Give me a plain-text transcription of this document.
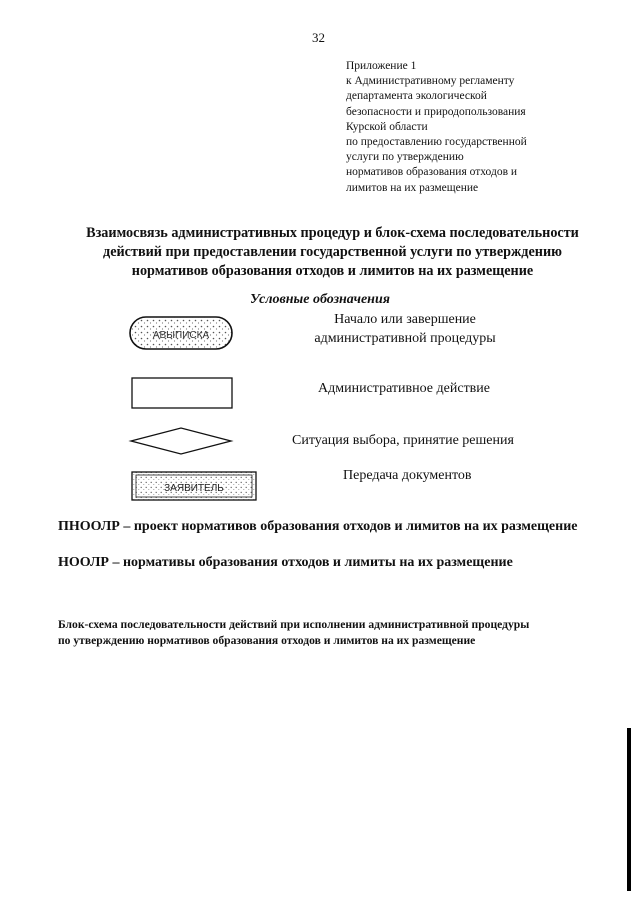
32
Приложение 1
к Административному регламенту
департамента экологической
безопасности и природопользования
Курской области
по предоставлению государственной
услуги по утверждению
нормативов образования отходов и
лимитов на их размещение
Взаимосвязь административных процедур и блок-схема последовательности
действий при предоставлении государственной услуги по утверждению
нормативов образования отходов и лимитов на их размещение
Условные обозначения
АВЫПИСКА
Начало или завершение
административной процедуры
Административное действие
Ситуация выбора, принятие решения
ЗАЯВИТЕЛЬ
Передача документов
ПНООЛР – проект нормативов образования отходов и лимитов на их размещение
НООЛР – нормативы образования отходов и лимиты на их размещение
Блок-схема последовательности действий при исполнении административной процедуры
по утверждению нормативов образования отходов и лимитов на их размещение
